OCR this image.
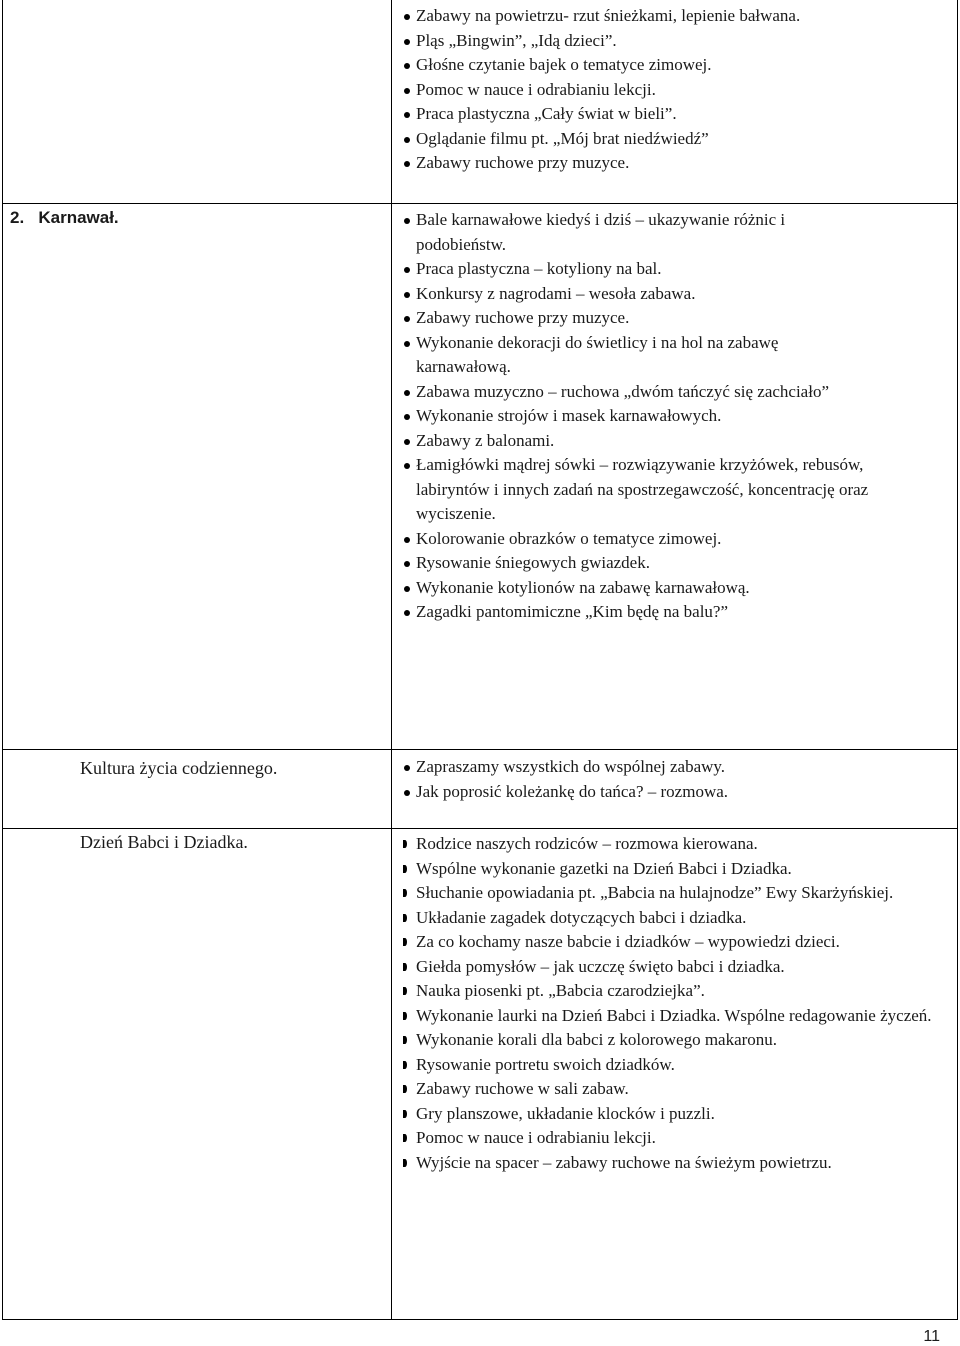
Zabawy na powietrzu- rzut śnieżkami, lepienie bałwana.
Pląs „Bingwin”, „Idą dzieci”.
Głośne czytanie bajek o tematyce zimowej.
Pomoc w nauce i odrabianiu lekcji.
Praca plastyczna „Cały świat w bieli”.
Oglądanie filmu pt. „Mój brat niedźwiedź”
Zabawy ruchowe przy muzyce.
2.   Karnawał.	Bale karnawałowe kiedyś i dziś – ukazywanie różnic i podobieństw.
Praca plastyczna – kotyliony na bal.
Konkursy z nagrodami – wesoła zabawa.
Zabawy ruchowe przy muzyce.
Wykonanie dekoracji do świetlicy i na hol na zabawę karnawałową.
Zabawa muzyczno – ruchowa „dwóm tańczyć się zachciało”
Wykonanie strojów i masek karnawałowych.
Zabawy z balonami.
Łamigłówki mądrej sówki – rozwiązywanie krzyżówek, rebusów, labiryntów i innych zadań na spostrzegawczość, koncentrację oraz wyciszenie.
Kolorowanie obrazków o tematyce zimowej.
Rysowanie śniegowych gwiazdek.
Wykonanie kotylionów na zabawę karnawałową.
Zagadki pantomimiczne „Kim będę na balu?”
Kultura życia codziennego.	Zapraszamy wszystkich do wspólnej zabawy.
Jak poprosić koleżankę do tańca? – rozmowa.
Dzień Babci i Dziadka.	Rodzice naszych rodziców – rozmowa kierowana.
Wspólne wykonanie gazetki na Dzień Babci i Dziadka.
Słuchanie opowiadania pt. „Babcia na hulajnodze” Ewy Skarżyńskiej.
Układanie zagadek dotyczących babci i dziadka.
Za co kochamy nasze babcie i dziadków – wypowiedzi dzieci.
Giełda pomysłów – jak uczczę święto babci i dziadka.
Nauka piosenki pt. „Babcia czarodziejka”.
Wykonanie laurki na Dzień Babci i Dziadka. Wspólne redagowanie życzeń.
Wykonanie korali dla babci z kolorowego makaronu.
Rysowanie portretu swoich dziadków.
Zabawy ruchowe w sali zabaw.
Gry planszowe, układanie klocków i puzzli.
Pomoc w nauce i odrabianiu lekcji.
Wyjście na spacer – zabawy ruchowe na świeżym powietrzu.
11
